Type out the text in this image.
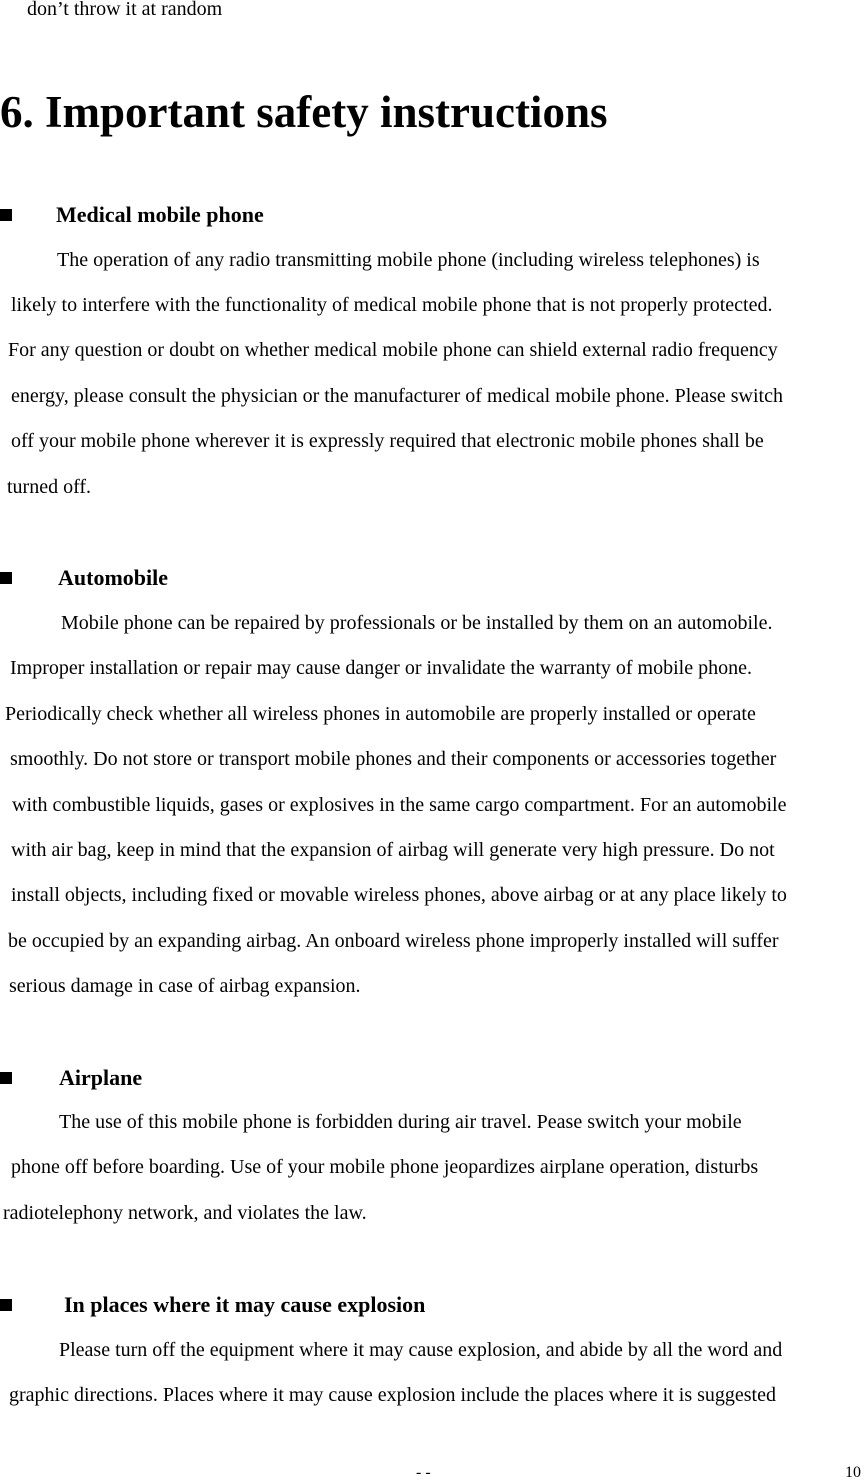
don’t throw it at random
6. Important safety instructions
Medical mobile phone
The operation of any radio transmitting mobile phone (including wireless telephones) is
likely to interfere with the functionality of medical mobile phone that is not properly protected.
For any question or doubt on whether medical mobile phone can shield external radio frequency
energy, please consult the physician or the manufacturer of medical mobile phone. Please switch
off your mobile phone wherever it is expressly required that electronic mobile phones shall be
turned off.
Automobile
Mobile phone can be repaired by professionals or be installed by them on an automobile.
Improper installation or repair may cause danger or invalidate the warranty of mobile phone.
Periodically check whether all wireless phones in automobile are properly installed or operate
smoothly. Do not store or transport mobile phones and their components or accessories together
with combustible liquids, gases or explosives in the same cargo compartment. For an automobile
with air bag, keep in mind that the expansion of airbag will generate very high pressure. Do not
install objects, including fixed or movable wireless phones, above airbag or at any place likely to
be occupied by an expanding airbag. An onboard wireless phone improperly installed will suffer
serious damage in case of airbag expansion.
Airplane
The use of this mobile phone is forbidden during air travel. Pease switch your mobile
phone off before boarding. Use of your mobile phone jeopardizes airplane operation, disturbs
radiotelephony network, and violates the law.
In places where it may cause explosion
Please turn off the equipment where it may cause explosion, and abide by all the word and
graphic directions. Places where it may cause explosion include the places where it is suggested
- -	10
